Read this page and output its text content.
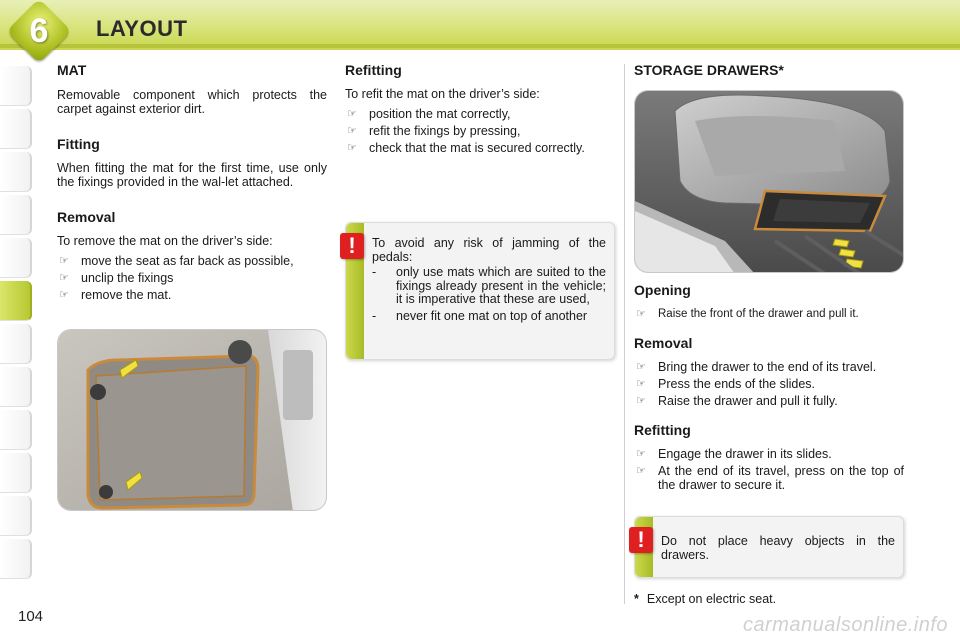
6	LAYOUT
MAT

Removable component which protects the carpet against exterior dirt.

Fitting

When fitting the mat for the first time, use only the fixings provided in the wal-let attached.

Removal

To remove the mat on the driver’s side:

☞ move the seat as far back as possible,
☞ unclip the fixings
☞ remove the mat.
Refitting

To refit the mat on the driver’s side:

☞ position the mat correctly,
☞ refit the fixings by pressing,
☞ check that the mat is secured correctly.
!	To avoid any risk of jamming of the pedals:

- only use mats which are suited to the fixings already present in the vehicle; it is imperative that these are used,
- never fit one mat on top of another
STORAGE DRAWERS*
Opening
☞ Raise the front of the drawer and pull it.
Removal
☞ Bring the drawer to the end of its travel.
☞ Press the ends of the slides.
☞ Raise the drawer and pull it fully.
Refitting
☞ Engage the drawer in its slides.
☞ At the end of its travel, press on the top of the drawer to secure it.
!	Do not place heavy objects in the drawers.

* Except on electric seat.
104	carmanualsonline.info
